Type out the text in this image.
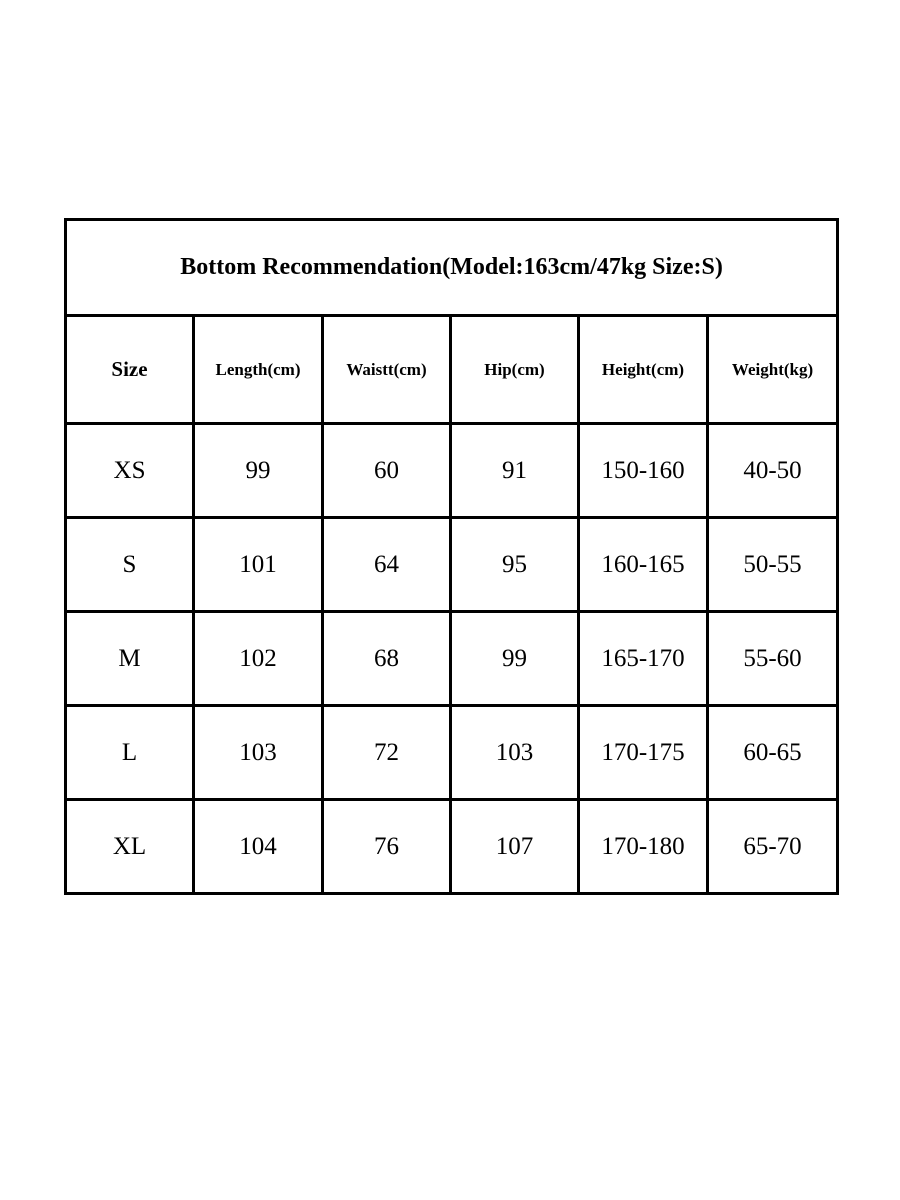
Bottom Recommendation(Model:163cm/47kg Size:S)					
Size	Length(cm)	Waistt(cm)	Hip(cm)	Height(cm)	Weight(kg)
XS	99	60	91	150-160	40-50
S	101	64	95	160-165	50-55
M	102	68	99	165-170	55-60
L	103	72	103	170-175	60-65
XL	104	76	107	170-180	65-70
